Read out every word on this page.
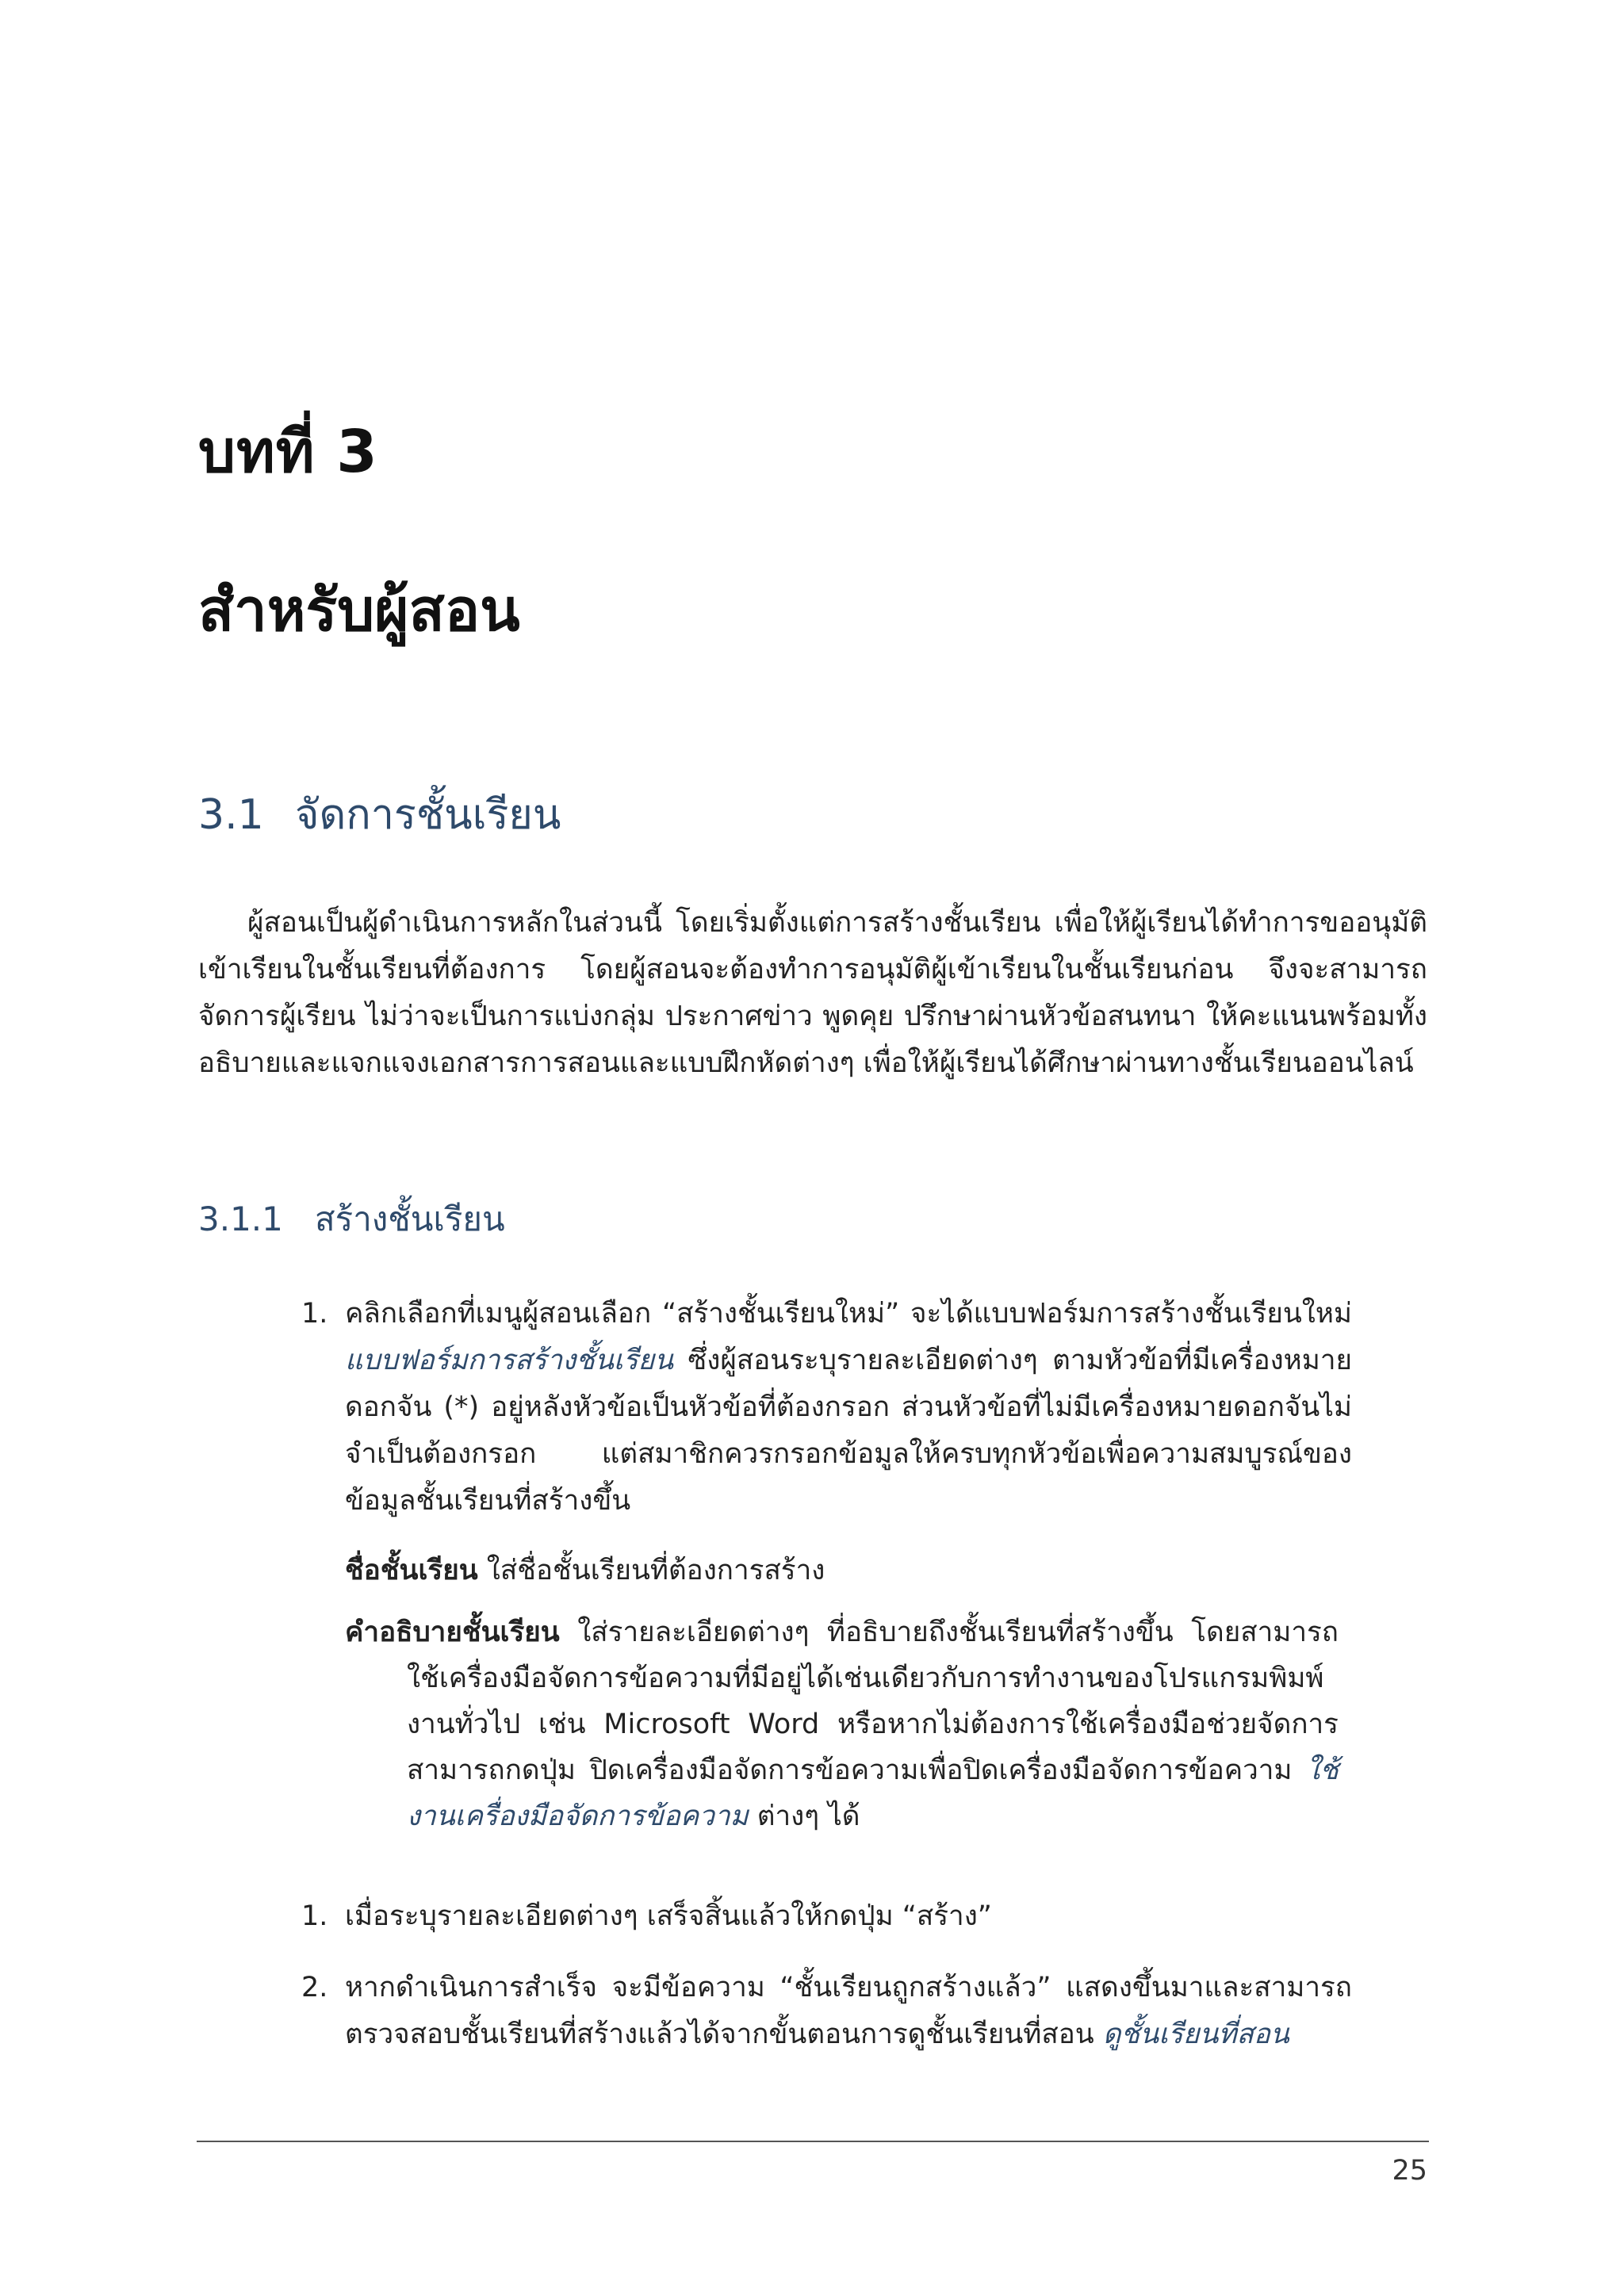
บทที่ 3
สำหรับผู้สอน
3.1 จัดการชั้นเรียน

ผู้สอนเป็นผู้ดำเนินการหลักในส่วนนี้ โดยเริ่มตั้งแต่การสร้างชั้นเรียน เพื่อให้ผู้เรียนได้ทำการขออนุมัติเข้าเรียนในชั้นเรียนที่ต้องการ โดยผู้สอนจะต้องทำการอนุมัติผู้เข้าเรียนในชั้นเรียนก่อน จึงจะสามารถจัดการผู้เรียน ไม่ว่าจะเป็นการแบ่งกลุ่ม ประกาศข่าว พูดคุย ปรึกษาผ่านหัวข้อสนทนา ให้คะแนนพร้อมทั้งอธิบายและแจกแจงเอกสารการสอนและแบบฝึกหัดต่างๆ เพื่อให้ผู้เรียนได้ศึกษาผ่านทางชั้นเรียนออนไลน์

3.1.1 สร้างชั้นเรียน
1. คลิกเลือกที่เมนูผู้สอนเลือก “สร้างชั้นเรียนใหม่” จะได้แบบฟอร์มการสร้างชั้นเรียนใหม่ แบบฟอร์มการสร้างชั้นเรียน ซึ่งผู้สอนระบุรายละเอียดต่างๆ ตามหัวข้อที่มีเครื่องหมายดอกจัน (*) อยู่หลังหัวข้อเป็นหัวข้อที่ต้องกรอก ส่วนหัวข้อที่ไม่มีเครื่องหมายดอกจันไม่จำเป็นต้องกรอก แต่สมาชิกควรกรอกข้อมูลให้ครบทุกหัวข้อเพื่อความสมบูรณ์ของข้อมูลชั้นเรียนที่สร้างขึ้น
ชื่อชั้นเรียน ใส่ชื่อชั้นเรียนที่ต้องการสร้าง
คำอธิบายชั้นเรียน ใส่รายละเอียดต่างๆ ที่อธิบายถึงชั้นเรียนที่สร้างขึ้น โดยสามารถใช้เครื่องมือจัดการข้อความที่มีอยู่ได้เช่นเดียวกับการทำงานของโปรแกรมพิมพ์งานทั่วไป เช่น Microsoft Word หรือหากไม่ต้องการใช้เครื่องมือช่วยจัดการ สามารถกดปุ่ม ปิดเครื่องมือจัดการข้อความเพื่อปิดเครื่องมือจัดการข้อความ ใช้งานเครื่องมือจัดการข้อความ ต่างๆ ได้
1. เมื่อระบุรายละเอียดต่างๆ เสร็จสิ้นแล้วให้กดปุ่ม “สร้าง”
2. หากดำเนินการสำเร็จ จะมีข้อความ “ชั้นเรียนถูกสร้างแล้ว” แสดงขึ้นมาและสามารถตรวจสอบชั้นเรียนที่สร้างแล้วได้จากขั้นตอนการดูชั้นเรียนที่สอน ดูชั้นเรียนที่สอน
25
